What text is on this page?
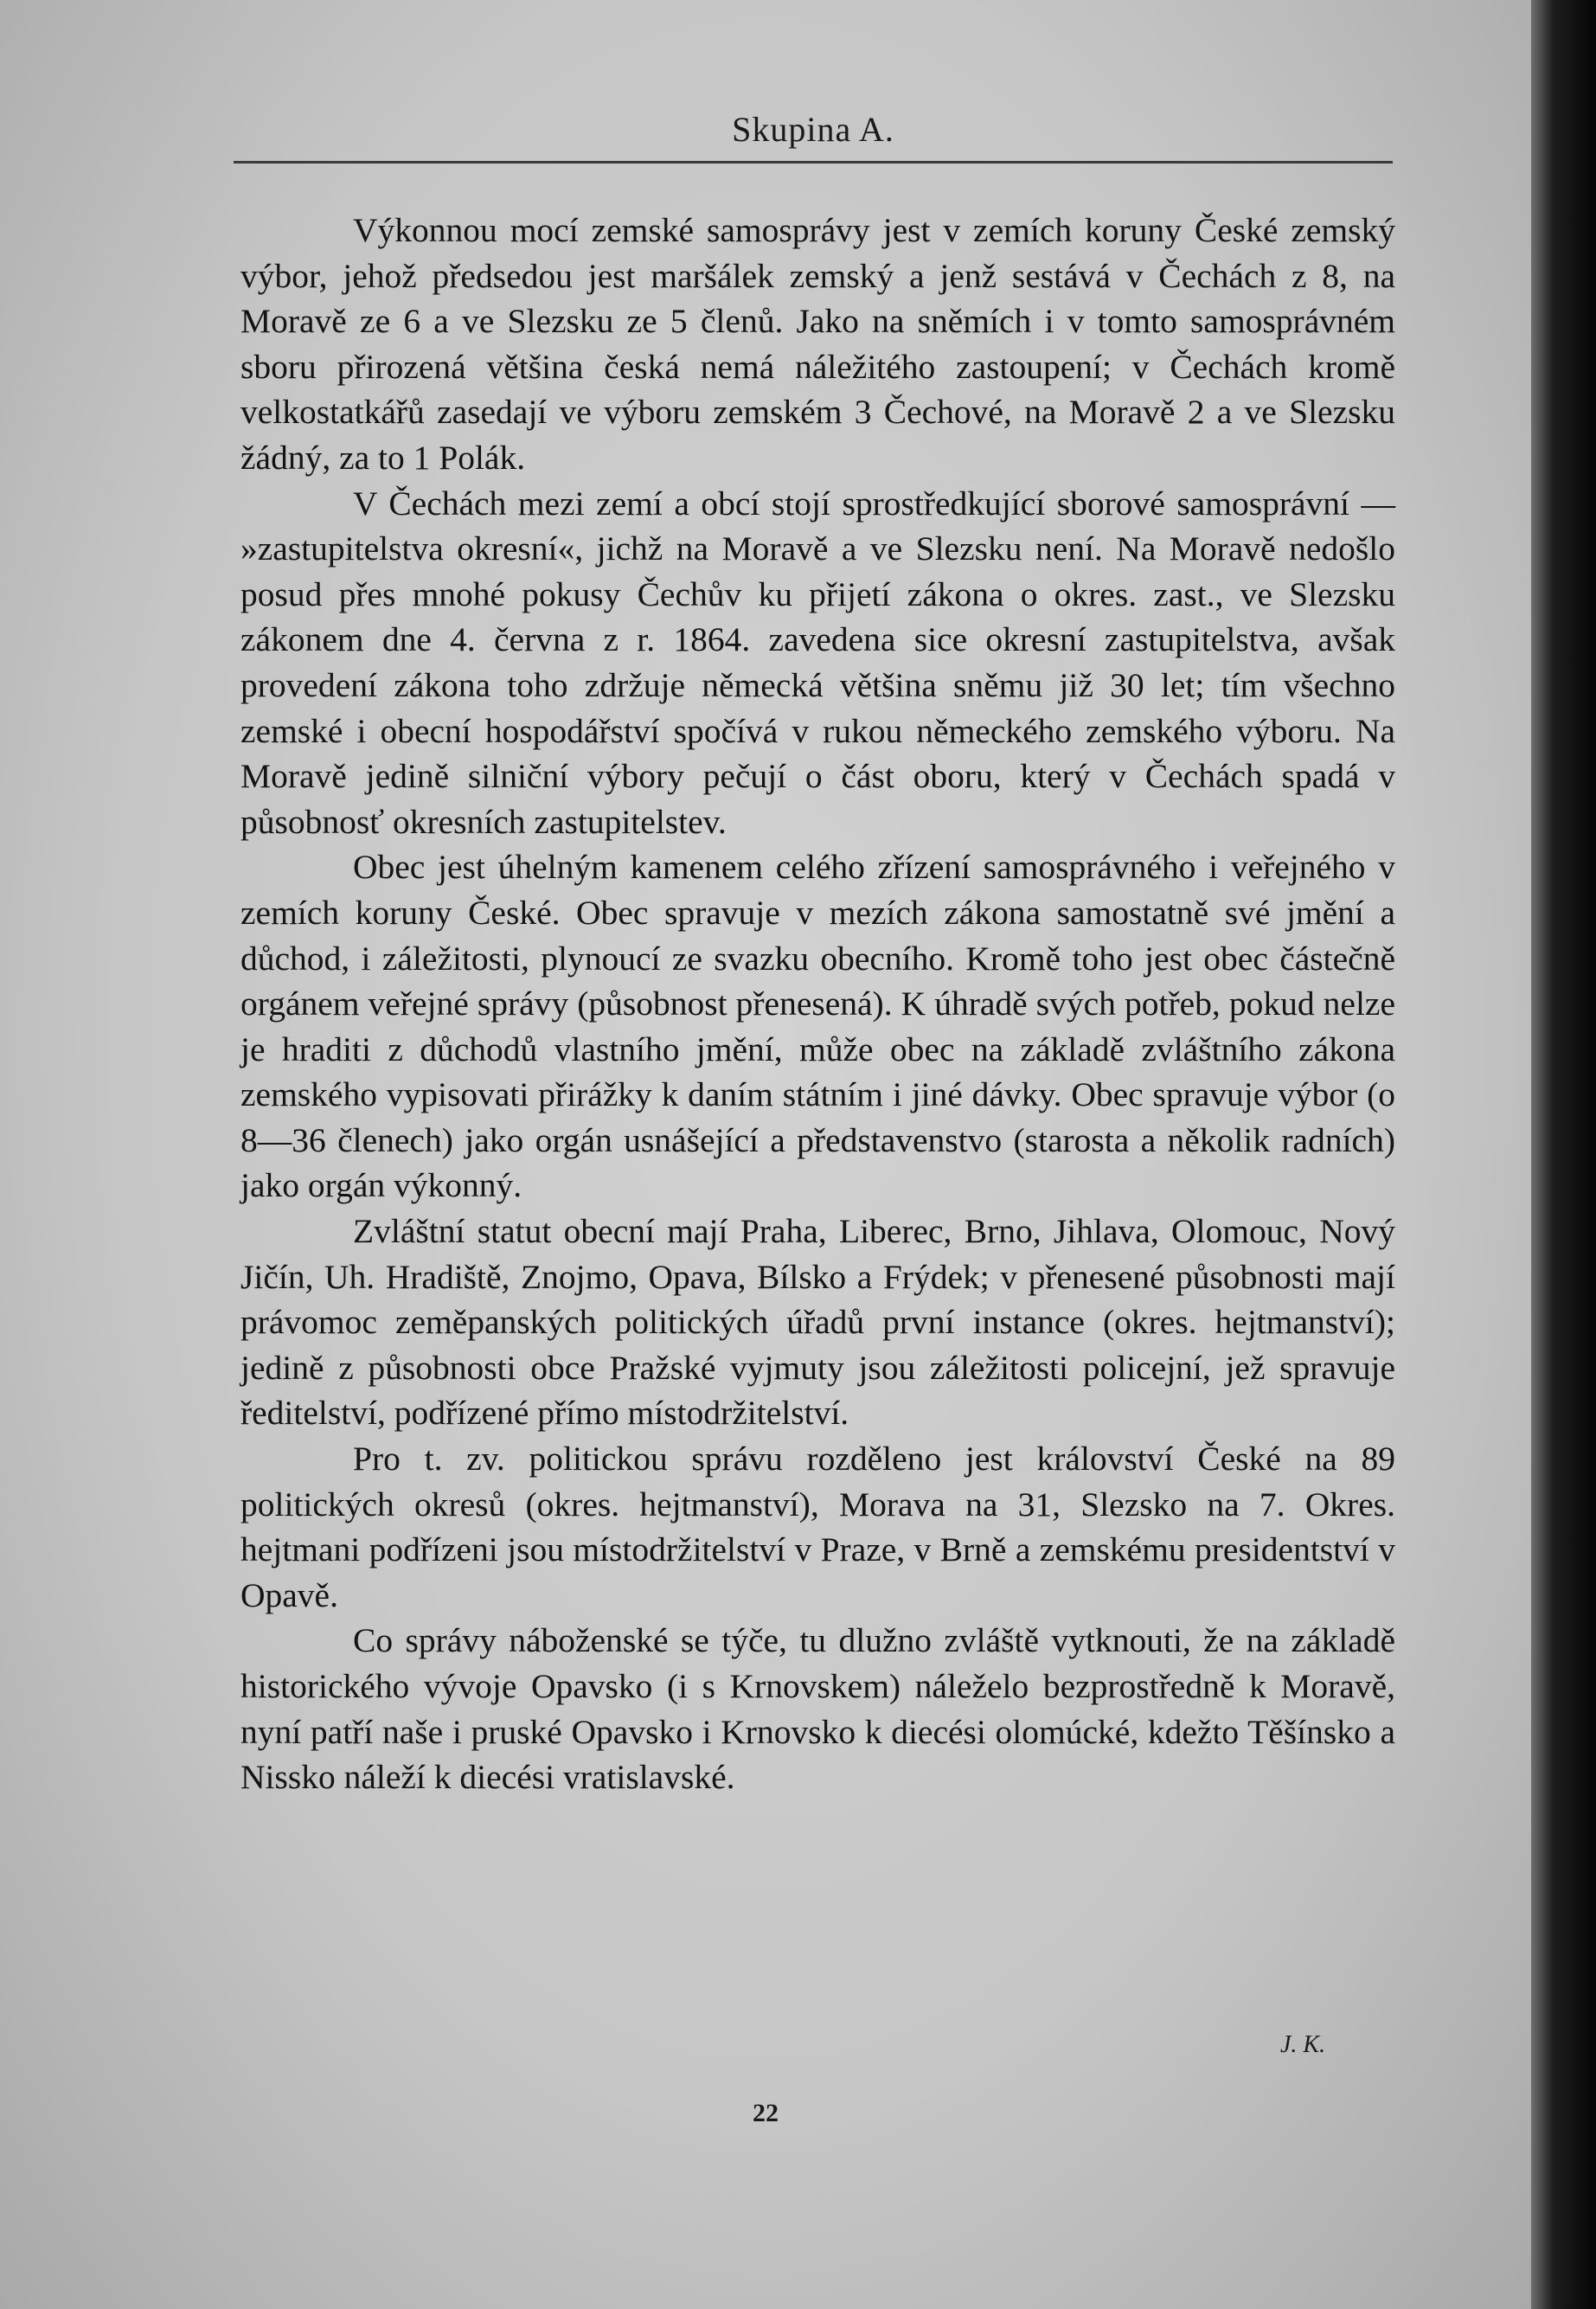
Skupina A.

Výkonnou mocí zemské samosprávy jest v zemích koruny České zemský výbor, jehož předsedou jest maršálek zemský a jenž sestává v Čechách z 8, na Moravě ze 6 a ve Slezsku ze 5 členů. Jako na sněmích i v tomto samosprávném sboru přirozená většina česká nemá náležitého zastoupení; v Čechách kromě velkostatkářů zasedají ve výboru zemském 3 Čechové, na Moravě 2 a ve Slezsku žádný, za to 1 Polák.

V Čechách mezi zemí a obcí stojí sprostředkující sborové samosprávní — »zastupitelstva okresní«, jichž na Moravě a ve Slezsku není. Na Moravě nedošlo posud přes mnohé pokusy Čechův ku přijetí zákona o okres. zast., ve Slezsku zákonem dne 4. června z r. 1864. zavedena sice okresní zastupitelstva, avšak provedení zákona toho zdržuje německá většina sněmu již 30 let; tím všechno zemské i obecní hospodářství spočívá v rukou německého zemského výboru. Na Moravě jedině silniční výbory pečují o část oboru, který v Čechách spadá v působnosť okresních zastupitelstev.

Obec jest úhelným kamenem celého zřízení samosprávného i veřejného v zemích koruny České. Obec spravuje v mezích zákona samostatně své jmění a důchod, i záležitosti, plynoucí ze svazku obecního. Kromě toho jest obec částečně orgánem veřejné správy (působnost přenesená). K úhradě svých potřeb, pokud nelze je hraditi z důchodů vlastního jmění, může obec na základě zvláštního zákona zemského vypisovati přirážky k daním státním i jiné dávky. Obec spravuje výbor (o 8—36 členech) jako orgán usnášející a představenstvo (starosta a několik radních) jako orgán výkonný.

Zvláštní statut obecní mají Praha, Liberec, Brno, Jihlava, Olomouc, Nový Jičín, Uh. Hradiště, Znojmo, Opava, Bílsko a Frýdek; v přenesené působnosti mají právomoc zeměpanských politických úřadů první instance (okres. hejtmanství); jedině z působnosti obce Pražské vyjmuty jsou záležitosti policejní, jež spravuje ředitelství, podřízené přímo místodržitelství.

Pro t. zv. politickou správu rozděleno jest království České na 89 politických okresů (okres. hejtmanství), Morava na 31, Slezsko na 7. Okres. hejtmani podřízeni jsou místodržitelství v Praze, v Brně a zemskému presidentství v Opavě.

Co správy náboženské se týče, tu dlužno zvláště vytknouti, že na základě historického vývoje Opavsko (i s Krnovskem) náleželo bezprostředně k Moravě, nyní patří naše i pruské Opavsko i Krnovsko k diecési olomúcké, kdežto Těšínsko a Nissko náleží k diecési vratislavské.

J. K.
22
